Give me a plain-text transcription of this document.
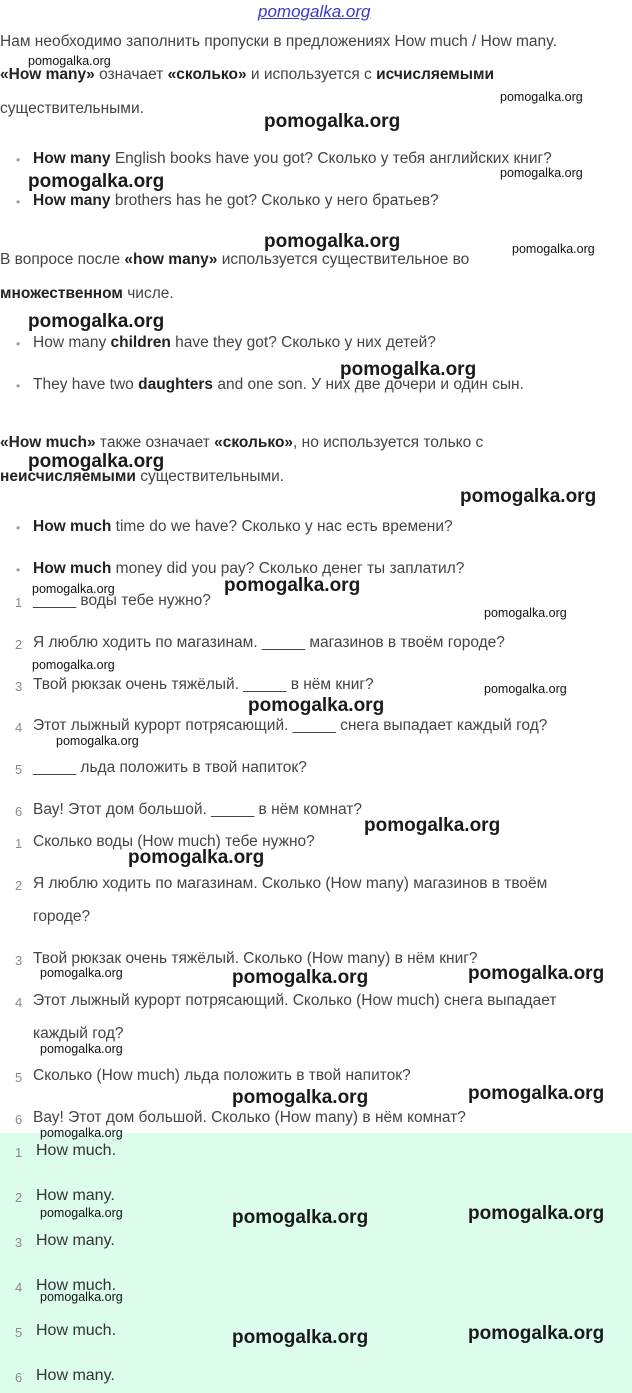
pomogalka.org
Нам необходимо заполнить пропуски в предложениях How much / How many.
«How many» означает «сколько» и используется с исчисляемыми
существительными.
• How many English books have you got? Сколько у тебя английских книг?
• How many brothers has he got? Сколько у него братьев?
В вопросе после «how many» используется существительное во
множественном числе.
• How many children have they got? Сколько у них детей?
• They have two daughters and one son. У них две дочери и один сын.
«How much» также означает «сколько», но используется только с
неисчисляемыми существительными.
• How much time do we have? Сколько у нас есть времени?
• How much money did you pay? Сколько денег ты заплатил?
1 _____ воды тебе нужно?
2 Я люблю ходить по магазинам. _____ магазинов в твоём городе?
3 Твой рюкзак очень тяжёлый. _____ в нём книг?
4 Этот лыжный курорт потрясающий. _____ снега выпадает каждый год?
5 _____ льда положить в твой напиток?
6 Вау! Этот дом большой. _____ в нём комнат?
1 Сколько воды (How much) тебе нужно?
2 Я люблю ходить по магазинам. Сколько (How many) магазинов в твоём
городе?
3 Твой рюкзак очень тяжёлый. Сколько (How many) в нём книг?
4 Этот лыжный курорт потрясающий. Сколько (How much) снега выпадает
каждый год?
5 Сколько (How much) льда положить в твой напиток?
6 Вау! Этот дом большой. Сколько (How many) в нём комнат?
1 How much.
2 How many.
3 How many.
4 How much.
5 How much.
6 How many.
pomogalka.org
pomogalka.org
pomogalka.org
pomogalka.org
pomogalka.org
pomogalka.org	pomogalka.org
pomogalka.org
pomogalka.org
pomogalka.org
pomogalka.org
pomogalka.org	pomogalka.org
pomogalka.org
pomogalka.org
pomogalka.org
pomogalka.org
pomogalka.org
pomogalka.org
pomogalka.org
pomogalka.org	pomogalka.org	pomogalka.org
pomogalka.org
pomogalka.org	pomogalka.org
pomogalka.org
pomogalka.org	pomogalka.org	pomogalka.org
pomogalka.org
pomogalka.org	pomogalka.org
